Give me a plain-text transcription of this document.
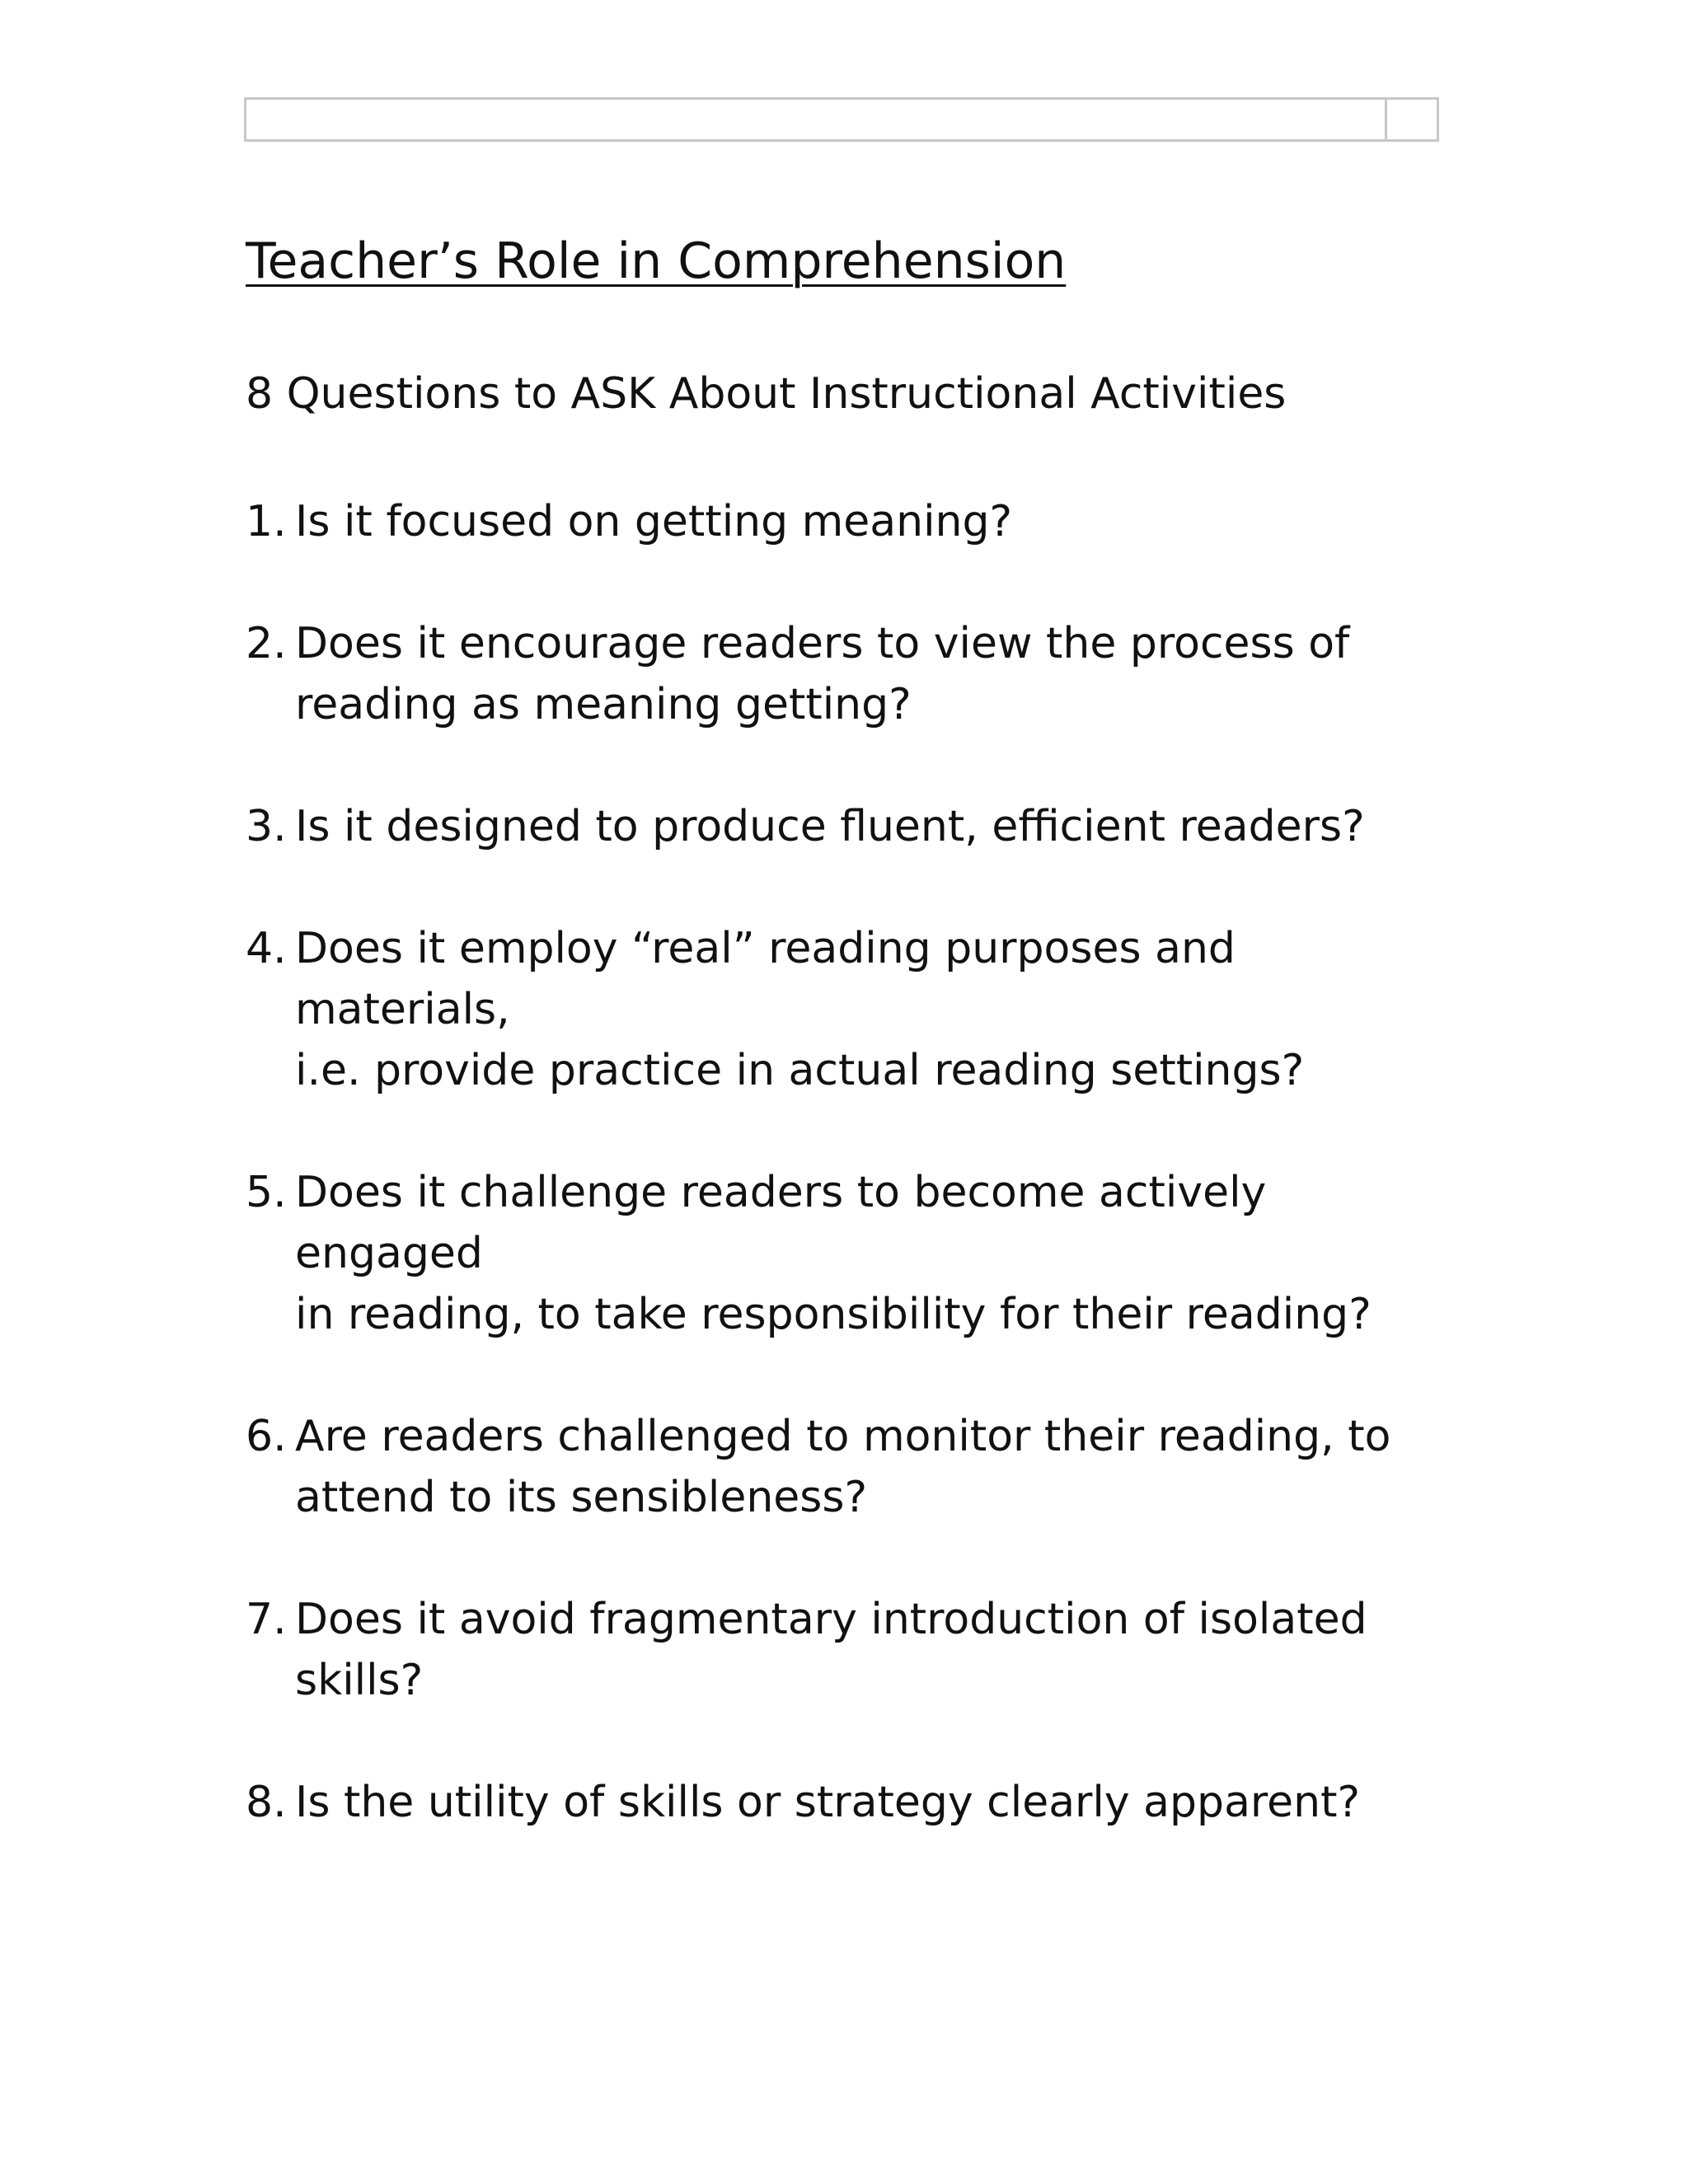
Teacher’s Role in Comprehension
8 Questions to ASK About Instructional Activities
1. Is it focused on getting meaning?
2. Does it encourage readers to view the process of
reading as meaning getting?
3. Is it designed to produce fluent, efficient readers?
4. Does it employ “real” reading purposes and materials,
i.e. provide practice in actual reading settings?
5. Does it challenge readers to become actively engaged
in reading, to take responsibility for their reading?
6. Are readers challenged to monitor their reading, to
attend to its sensibleness?
7. Does it avoid fragmentary introduction of isolated
skills?
8. Is the utility of skills or strategy clearly apparent?
